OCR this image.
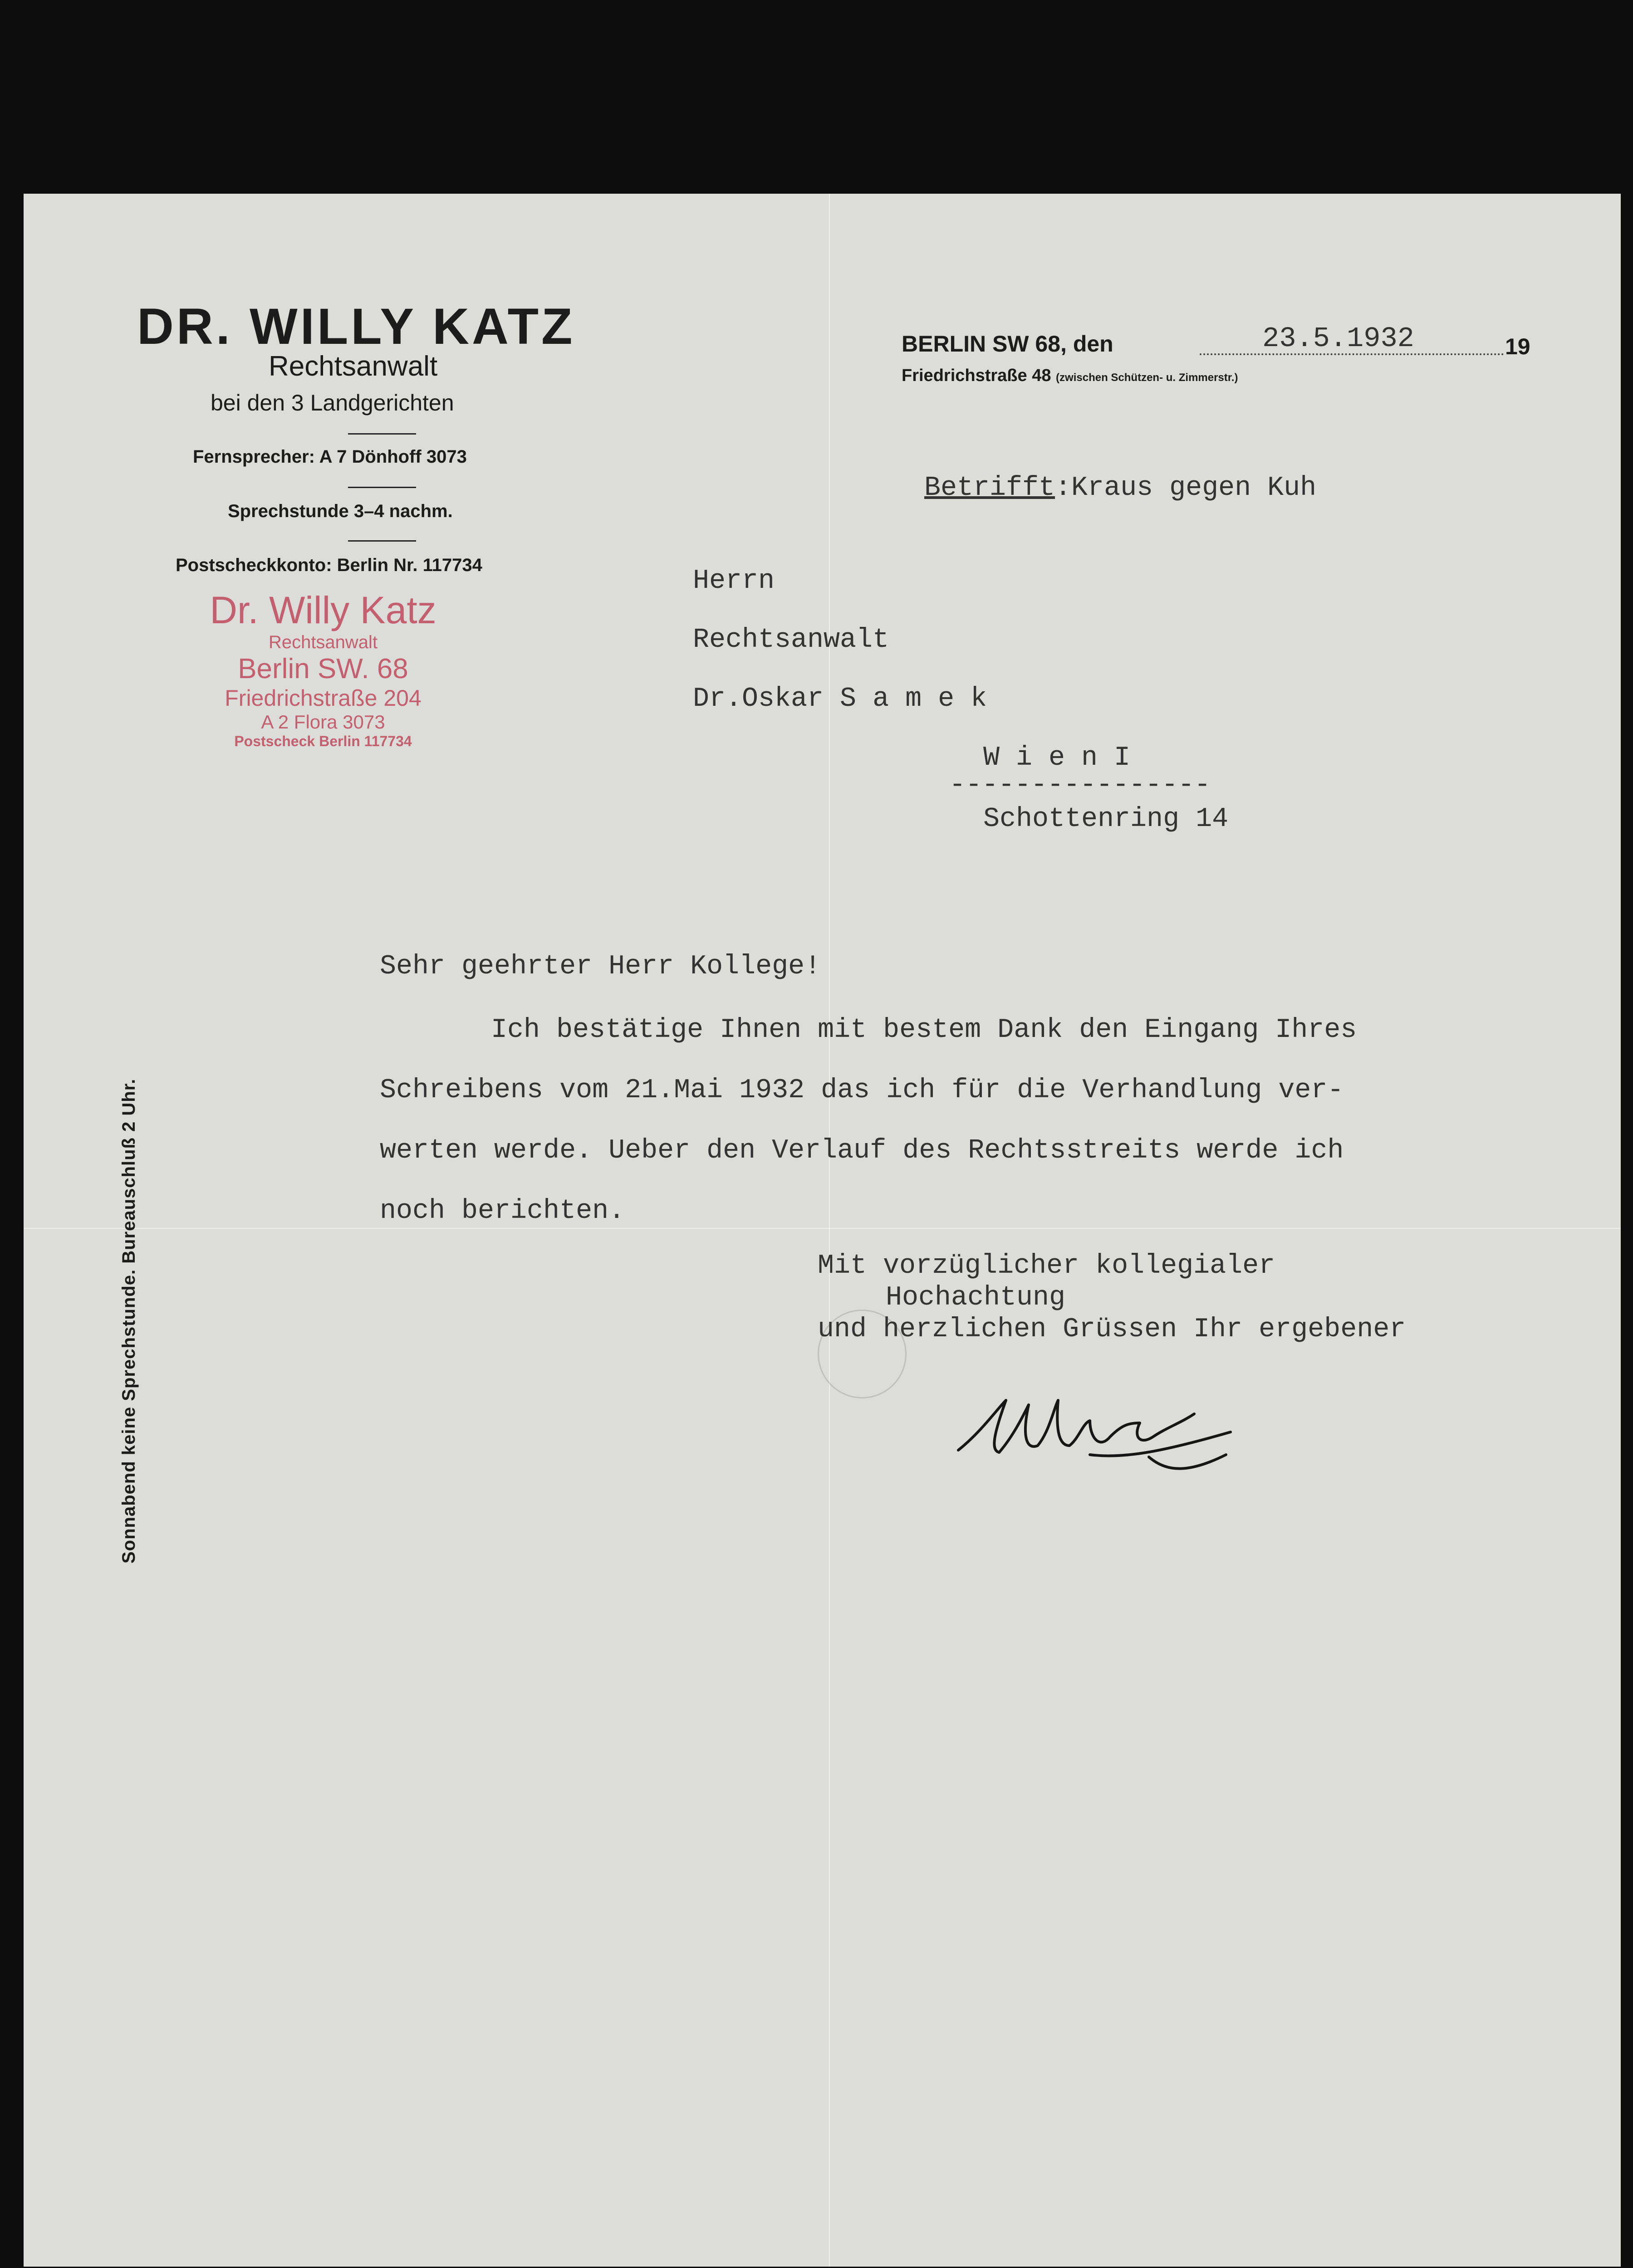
DR. WILLY KATZ
Rechtsanwalt
bei den 3 Landgerichten
Fernsprecher: A 7 Dönhoff 3073
Sprechstunde 3–4 nachm.
Postscheckkonto: Berlin Nr. 117734
BERLIN SW 68, den	23.5.1932	19
Friedrichstraße 48 (zwischen Schützen- u. Zimmerstr.)
Dr. Willy Katz
Rechtsanwalt
Berlin SW. 68
Friedrichstraße 204
A 2 Flora 3073
Postscheck Berlin 117734
Sonnabend keine Sprechstunde. Bureauschluß 2 Uhr.
Betrifft:Kraus gegen Kuh
Herrn
Rechtsanwalt
Dr.Oskar S a m e k
W i e n I
----------------
Schottenring 14
Sehr geehrter Herr Kollege!
Ich bestätige Ihnen mit bestem Dank den Eingang Ihres
Schreibens vom 21.Mai 1932 das ich für die Verhandlung ver-
werten werde. Ueber den Verlauf des Rechtsstreits werde ich
noch berichten.
Mit vorzüglicher kollegialer
Hochachtung
und herzlichen Grüssen Ihr ergebener
